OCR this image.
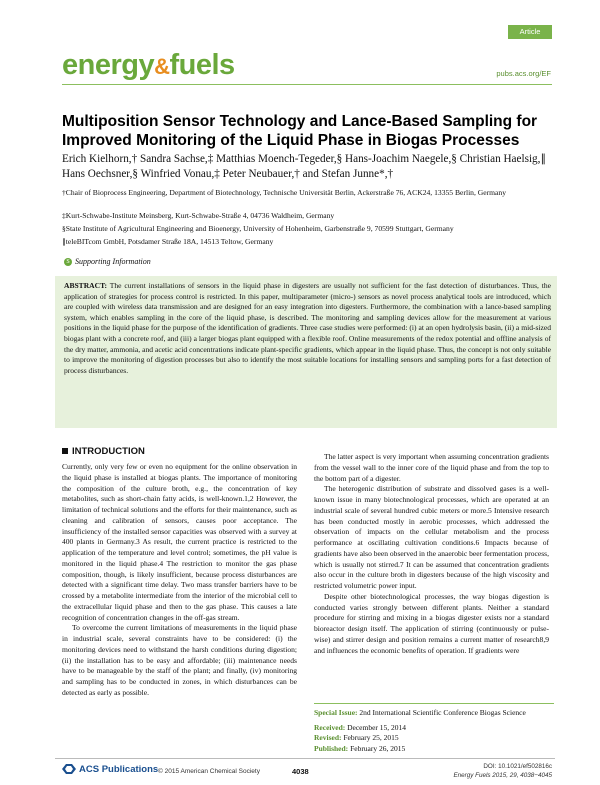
Article
energy&fuels	pubs.acs.org/EF
Multiposition Sensor Technology and Lance-Based Sampling for Improved Monitoring of the Liquid Phase in Biogas Processes
Erich Kielhorn,† Sandra Sachse,‡ Matthias Moench-Tegeder,§ Hans-Joachim Naegele,§ Christian Haelsig,∥ Hans Oechsner,§ Winfried Vonau,‡ Peter Neubauer,† and Stefan Junne*,†
†Chair of Bioprocess Engineering, Department of Biotechnology, Technische Universität Berlin, Ackerstraße 76, ACK24, 13355 Berlin, Germany
‡Kurt-Schwabe-Institute Meinsberg, Kurt-Schwabe-Straße 4, 04736 Waldheim, Germany
§State Institute of Agricultural Engineering and Bioenergy, University of Hohenheim, Garbenstraße 9, 70599 Stuttgart, Germany
∥teleBITcom GmbH, Potsdamer Straße 18A, 14513 Teltow, Germany
S Supporting Information
ABSTRACT: The current installations of sensors in the liquid phase in digesters are usually not sufficient for the fast detection of disturbances. Thus, the application of strategies for process control is restricted. In this paper, multiparameter (micro-) sensors as novel process analytical tools are introduced, which are coupled with wireless data transmission and are designed for an easy integration into digesters. Furthermore, the combination with a lance-based sampling system, which enables sampling in the core of the liquid phase, is described. The monitoring and sampling devices allow for the measurement at various positions in the liquid phase for the purpose of the identification of gradients. Three case studies were performed: (i) at an open hydrolysis basin, (ii) a mid-sized biogas plant with a concrete roof, and (iii) a larger biogas plant equipped with a flexible roof. Online measurements of the redox potential and offline analysis of the dry matter, ammonia, and acetic acid concentrations indicate plant-specific gradients, which appear in the liquid phase. Thus, the concept is not only suitable to improve the monitoring of digestion processes but also to identify the most suitable locations for installing sensors and sampling ports for a fast detection of process disturbances.
INTRODUCTION

Currently, only very few or even no equipment for the online observation in the liquid phase is installed at biogas plants. The importance of monitoring the composition of the culture broth, e.g., the concentration of key metabolites, such as short-chain fatty acids, is well-known.1,2 However, the limitation of technical solutions and the efforts for their maintenance, such as cleaning and calibration of sensors, causes poor acceptance. The insufficiency of the installed sensor capacities was observed with a survey at 400 plants in Germany.3 As result, the current practice is restricted to the application of the temperature and level control; sometimes, the pH value is monitored in the liquid phase.4 The restriction to monitor the gas phase composition, though, is likely insufficient, because process disturbances are detected with a significant time delay. Two mass transfer barriers have to be crossed by a metabolite intermediate from the interior of the microbial cell to the extracellular liquid phase and then to the gas phase. This causes a late recognition of concentration changes in the off-gas stream.

To overcome the current limitations of measurements in the liquid phase in industrial scale, several constraints have to be considered: (i) the monitoring devices need to withstand the harsh conditions during digestion; (ii) the installation has to be easy and affordable; (iii) maintenance needs have to be manageable by the staff of the plant; and finally, (iv) monitoring and sampling has to be conducted in zones, in which disturbances can be detected as early as possible.

The latter aspect is very important when assuming concentration gradients from the vessel wall to the inner core of the liquid phase and from the top to the bottom part of a digester.

The heterogenic distribution of substrate and dissolved gases is a well-known issue in many biotechnological processes, which are operated at an industrial scale of several hundred cubic meters or more.5 Intensive research has been conducted mostly in aerobic processes, which addressed the observation of impacts on the cellular metabolism and the process performance at oscillating cultivation conditions.6 Impacts because of gradients have also been observed in the anaerobic beer fermentation process, which is usually not stirred.7 It can be assumed that concentration gradients also occur in the culture broth in digesters because of the high viscosity and restricted volumetric power input.

Despite other biotechnological processes, the way biogas digestion is conducted varies strongly between different plants. Neither a standard procedure for stirring and mixing in a biogas digester exists nor a standard bioreactor design itself. The application of stirring (continuously or pulse-wise) and stirrer design and position remains a current matter of research8,9 and influences the economic benefits of operation. If gradients were

Special Issue: 2nd International Scientific Conference Biogas Science
Received: December 15, 2014
Revised: February 25, 2015
Published: February 26, 2015
ACS Publications © 2015 American Chemical Society	4038
DOI: 10.1021/ef502816c
Energy Fuels 2015, 29, 4038−4045
